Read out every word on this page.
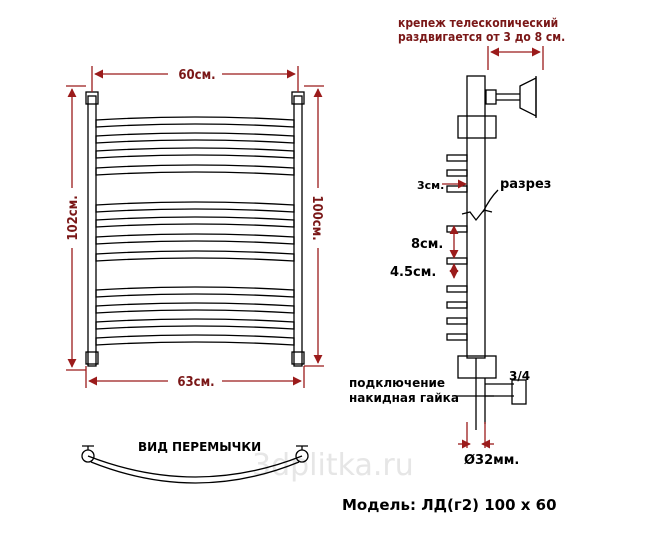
3dplitka.ru
60см.
63см.
102см.	100см.
крепеж телескопический
раздвигается от 3 до 8 см.
разрез
3см.
8см.
4.5см.
3/4
подключение
накидная гайка
Ø32мм.
ВИД ПЕРЕМЫЧКИ
Модель: ЛД(г2) 100 х 60
